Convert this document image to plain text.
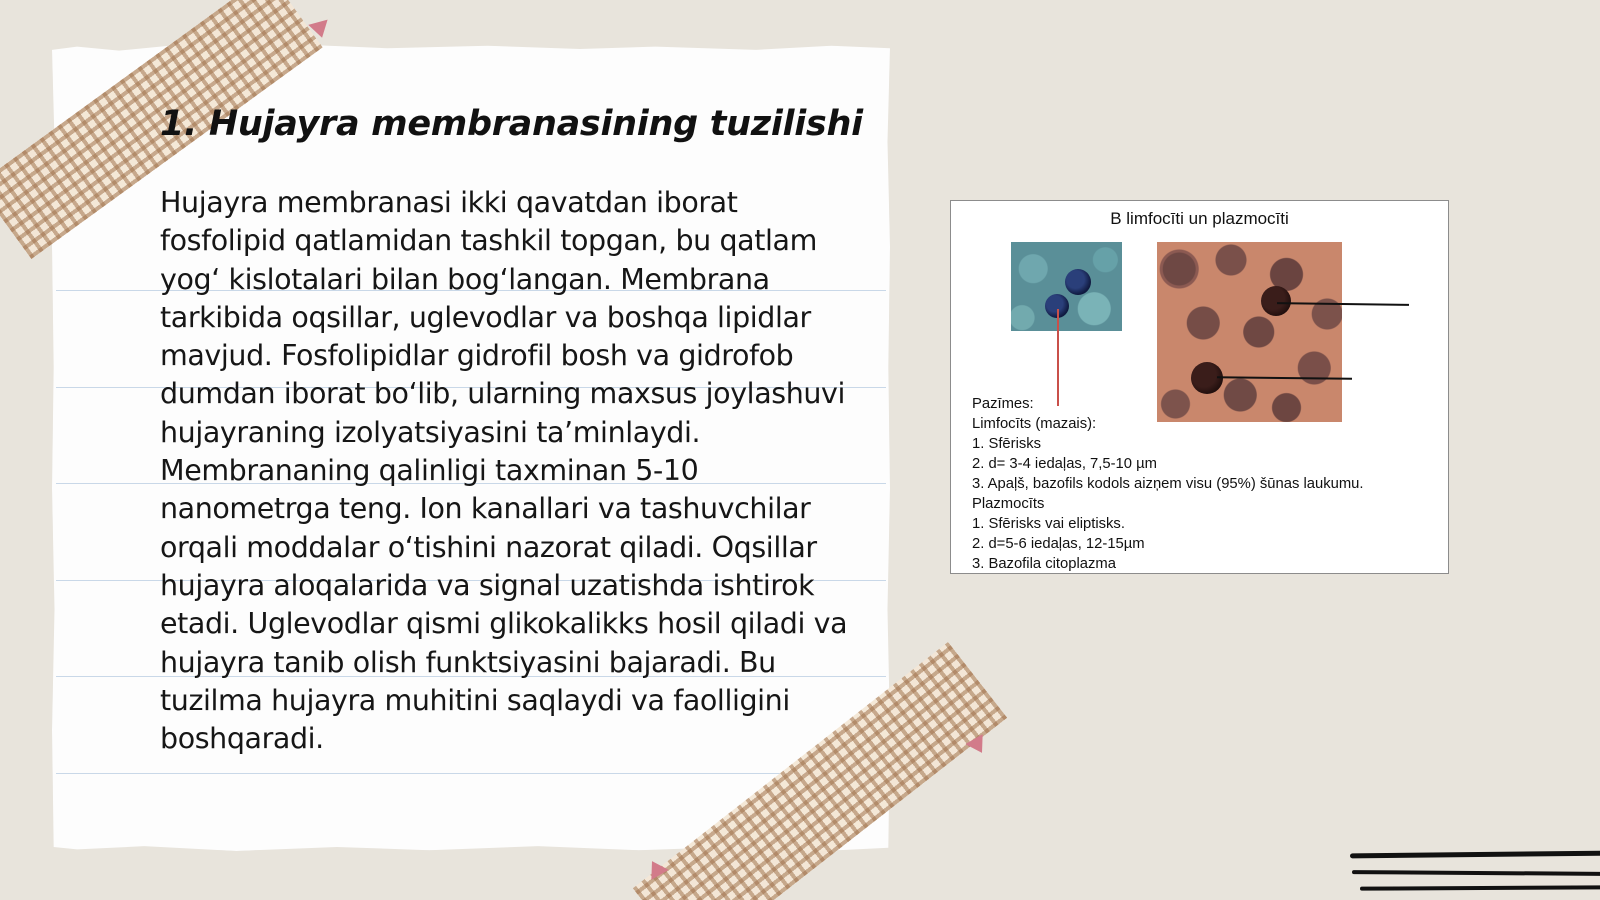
1. Hujayra membranasining tuzilishi

Hujayra membranasi ikki qavatdan iborat fosfolipid qatlamidan tashkil topgan, bu qatlam yog‘ kislotalari bilan bog‘langan. Membrana tarkibida oqsillar, uglevodlar va boshqa lipidlar mavjud. Fosfolipidlar gidrofil bosh va gidrofob dumdan iborat bo‘lib, ularning maxsus joylashuvi hujayraning izolyatsiyasini ta’minlaydi. Membrananing qalinligi taxminan 5-10 nanometrga teng. Ion kanallari va tashuvchilar orqali moddalar o‘tishini nazorat qiladi. Oqsillar hujayra aloqalarida va signal uzatishda ishtirok etadi. Uglevodlar qismi glikokalikks hosil qiladi va hujayra tanib olish funktsiyasini bajaradi. Bu tuzilma hujayra muhitini saqlaydi va faolligini boshqaradi.

B limfocīti un plazmocīti
Pazīmes:
Limfocīts (mazais):
1. Sfērisks
2. d= 3-4 iedaļas, 7,5-10 µm
3. Apaļš, bazofils kodols aizņem visu (95%) šūnas laukumu.
Plazmocīts
1. Sfērisks vai eliptisks.
2. d=5-6 iedaļas, 12-15µm
3. Bazofila citoplazma
